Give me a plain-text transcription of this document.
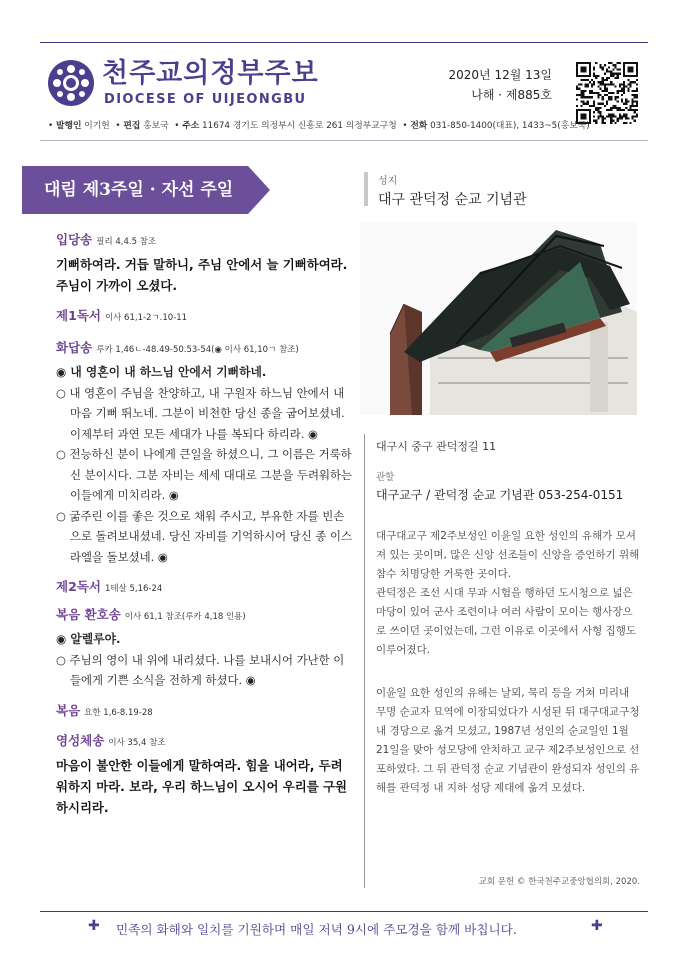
천주교의정부주보
DIOCESE OF UIJEONGBU
2020년 12월 13일
나해 · 제885호
• 발행인 이기헌  • 편집 홍보국  • 주소 11674 경기도 의정부시 신흥로 261 의정부교구청  • 전화 031-850-1400(대표), 1433~5(홍보국)
대림 제3주일 · 자선 주일
입당송 필리 4,4.5 참조
기뻐하여라. 거듭 말하니, 주님 안에서 늘 기뻐하여라. 주님이 가까이 오셨다.
제1독서 이사 61,1-2ㄱ.10-11
화답송 루카 1,46ㄴ-48.49-50.53-54(◉ 이사 61,10ㄱ 참조)
◉ 내 영혼이 내 하느님 안에서 기뻐하네.
○ 내 영혼이 주님을 찬양하고, 내 구원자 하느님 안에서 내 마음 기뻐 뛰노네. 그분이 비천한 당신 종을 굽어보셨네. 이제부터 과연 모든 세대가 나를 복되다 하리라. ◉
○ 전능하신 분이 나에게 큰일을 하셨으니, 그 이름은 거룩하신 분이시다. 그분 자비는 세세 대대로 그분을 두려워하는 이들에게 미치리라. ◉
○ 굶주린 이를 좋은 것으로 채워 주시고, 부유한 자를 빈손으로 돌려보내셨네. 당신 자비를 기억하시어 당신 종 이스라엘을 돌보셨네. ◉
제2독서 1테살 5,16-24
복음 환호송 이사 61,1 참조(루카 4,18 인용)
◉ 알렐루야.
○ 주님의 영이 내 위에 내리셨다. 나를 보내시어 가난한 이들에게 기쁜 소식을 전하게 하셨다. ◉
복음 요한 1,6-8.19-28
영성체송 이사 35,4 참조
마음이 불안한 이들에게 말하여라. 힘을 내어라, 두려워하지 마라. 보라, 우리 하느님이 오시어 우리를 구원하시리라.
성지
대구 관덕정 순교 기념관
대구시 중구 관덕정길 11
관할
대구교구 / 관덕정 순교 기념관 053-254-0151
대구대교구 제2주보성인 이윤일 요한 성인의 유해가 모셔져 있는 곳이며, 많은 신앙 선조들이 신앙을 증언하기 위해 참수 치명당한 거룩한 곳이다.
관덕정은 조선 시대 무과 시험을 행하던 도시청으로 넓은 마당이 있어 군사 조련이나 여러 사람이 모이는 행사장으로 쓰이던 곳이었는데, 그런 이유로 이곳에서 사형 집행도 이루어졌다.
이윤일 요한 성인의 유해는 날뫼, 묵리 등을 거쳐 미리내 무명 순교자 묘역에 이장되었다가 시성된 뒤 대구대교구청 내 경당으로 옮겨 모셨고, 1987년 성인의 순교일인 1월 21일을 맞아 성모당에 안치하고 교구 제2주보성인으로 선포하였다. 그 뒤 관덕정 순교 기념관이 완성되자 성인의 유해를 관덕정 내 지하 성당 제대에 옮겨 모셨다.
교회 문헌 © 한국천주교중앙협의회, 2020.
✚ 민족의 화해와 일치를 기원하며 매일 저녁 9시에 주모경을 함께 바칩니다.	✚
